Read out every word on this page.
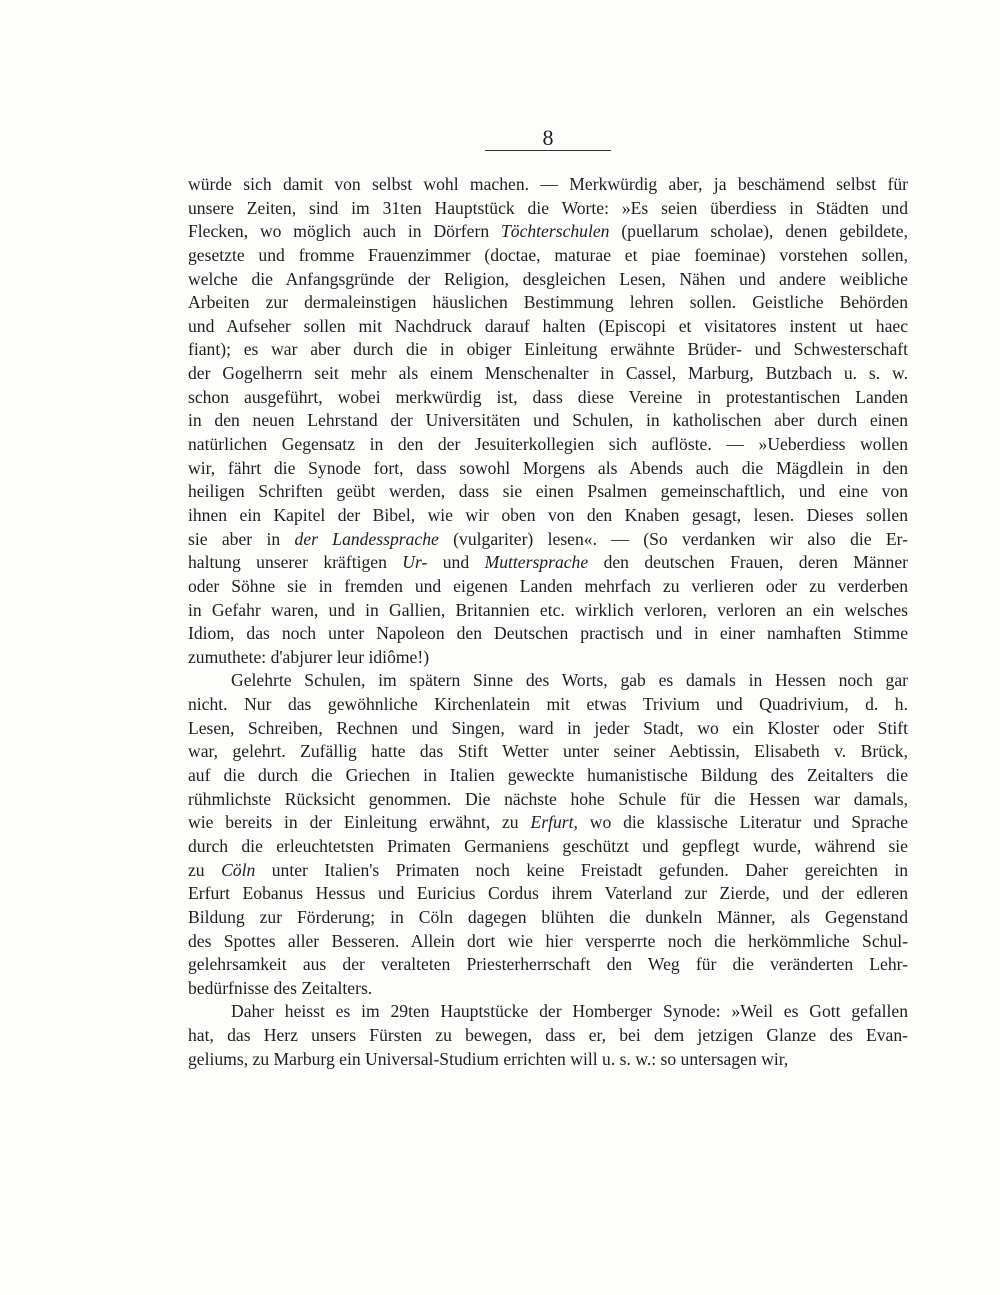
8
würde sich damit von selbst wohl machen. — Merkwürdig aber, ja beschämend selbst für
unsere Zeiten, sind im 31ten Hauptstück die Worte: »Es seien überdiess in Städten und
Flecken, wo möglich auch in Dörfern Töchterschulen (puellarum scholae), denen gebildete,
gesetzte und fromme Frauenzimmer (doctae, maturae et piae foeminae) vorstehen sollen,
welche die Anfangsgründe der Religion, desgleichen Lesen, Nähen und andere weibliche
Arbeiten zur dermaleinstigen häuslichen Bestimmung lehren sollen. Geistliche Behörden
und Aufseher sollen mit Nachdruck darauf halten (Episcopi et visitatores instent ut haec
fiant); es war aber durch die in obiger Einleitung erwähnte Brüder- und Schwesterschaft
der Gogelherrn seit mehr als einem Menschenalter in Cassel, Marburg, Butzbach u. s. w.
schon ausgeführt, wobei merkwürdig ist, dass diese Vereine in protestantischen Landen
in den neuen Lehrstand der Universitäten und Schulen, in katholischen aber durch einen
natürlichen Gegensatz in den der Jesuiterkollegien sich auflöste. — »Ueberdiess wollen
wir, fährt die Synode fort, dass sowohl Morgens als Abends auch die Mägdlein in den
heiligen Schriften geübt werden, dass sie einen Psalmen gemeinschaftlich, und eine von
ihnen ein Kapitel der Bibel, wie wir oben von den Knaben gesagt, lesen. Dieses sollen
sie aber in der Landessprache (vulgariter) lesen«. — (So verdanken wir also die Er-
haltung unserer kräftigen Ur- und Muttersprache den deutschen Frauen, deren Männer
oder Söhne sie in fremden und eigenen Landen mehrfach zu verlieren oder zu verderben
in Gefahr waren, und in Gallien, Britannien etc. wirklich verloren, verloren an ein welsches
Idiom, das noch unter Napoleon den Deutschen practisch und in einer namhaften Stimme
zumuthete: d'abjurer leur idiôme!)
Gelehrte Schulen, im spätern Sinne des Worts, gab es damals in Hessen noch gar
nicht. Nur das gewöhnliche Kirchenlatein mit etwas Trivium und Quadrivium, d. h.
Lesen, Schreiben, Rechnen und Singen, ward in jeder Stadt, wo ein Kloster oder Stift
war, gelehrt. Zufällig hatte das Stift Wetter unter seiner Aebtissin, Elisabeth v. Brück,
auf die durch die Griechen in Italien geweckte humanistische Bildung des Zeitalters die
rühmlichste Rücksicht genommen. Die nächste hohe Schule für die Hessen war damals,
wie bereits in der Einleitung erwähnt, zu Erfurt, wo die klassische Literatur und Sprache
durch die erleuchtetsten Primaten Germaniens geschützt und gepflegt wurde, während sie
zu Cöln unter Italien's Primaten noch keine Freistadt gefunden. Daher gereichten in
Erfurt Eobanus Hessus und Euricius Cordus ihrem Vaterland zur Zierde, und der edleren
Bildung zur Förderung; in Cöln dagegen blühten die dunkeln Männer, als Gegenstand
des Spottes aller Besseren. Allein dort wie hier versperrte noch die herkömmliche Schul-
gelehrsamkeit aus der veralteten Priesterherrschaft den Weg für die veränderten Lehr-
bedürfnisse des Zeitalters.
Daher heisst es im 29ten Hauptstücke der Homberger Synode: »Weil es Gott gefallen
hat, das Herz unsers Fürsten zu bewegen, dass er, bei dem jetzigen Glanze des Evan-
geliums, zu Marburg ein Universal-Studium errichten will u. s. w.: so untersagen wir,
